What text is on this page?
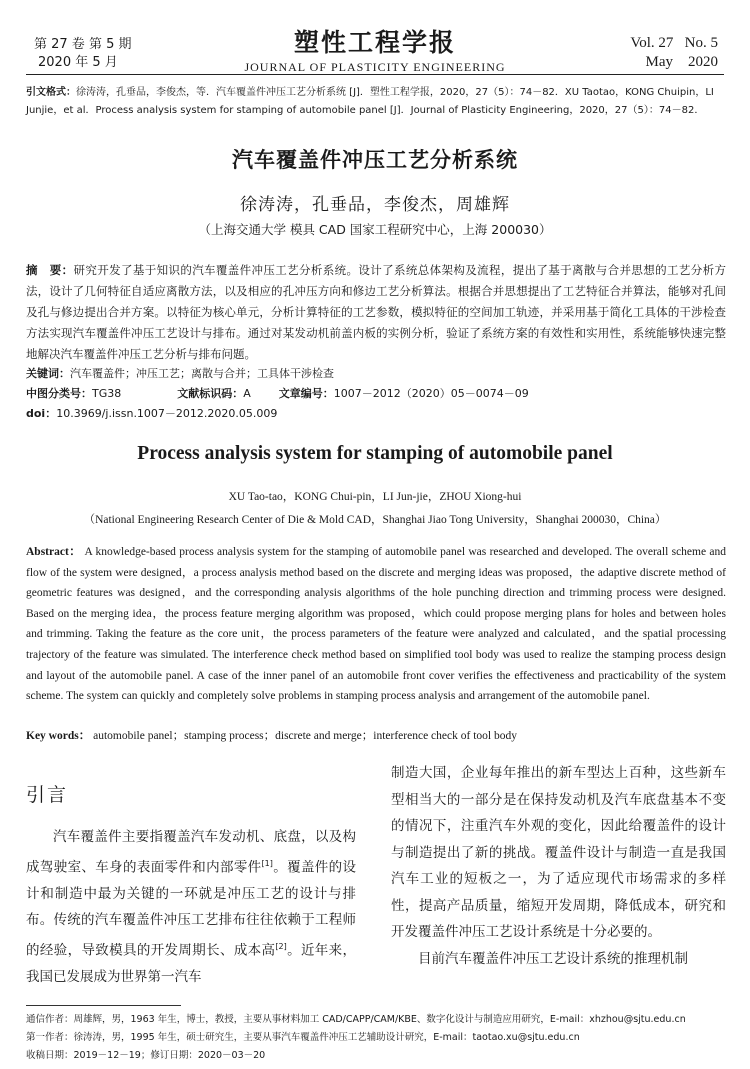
第 27 卷 第 5 期
2020 年 5 月
塑性工程学报
JOURNAL OF PLASTICITY ENGINEERING
Vol. 27 No. 5
May 2020
引文格式：徐涛涛，孔垂品，李俊杰，等．汽车覆盖件冲压工艺分析系统 [J]．塑性工程学报，2020，27（5）：74－82．XU Taotao，KONG Chuipin，LI Junjie，et al．Process analysis system for stamping of automobile panel [J]．Journal of Plasticity Engineering，2020，27（5）：74－82．
汽车覆盖件冲压工艺分析系统
徐涛涛，孔垂品，李俊杰，周雄辉
（上海交通大学 模具 CAD 国家工程研究中心，上海 200030）
摘　要：研究开发了基于知识的汽车覆盖件冲压工艺分析系统。设计了系统总体架构及流程，提出了基于离散与合并思想的工艺分析方法，设计了几何特征自适应离散方法，以及相应的孔冲压方向和修边工艺分析算法。根据合并思想提出了工艺特征合并算法，能够对孔间及孔与修边提出合并方案。以特征为核心单元，分析计算特征的工艺参数，模拟特征的空间加工轨迹，并采用基于简化工具体的干涉检查方法实现汽车覆盖件冲压工艺设计与排布。通过对某发动机前盖内板的实例分析，验证了系统方案的有效性和实用性，系统能够快速完整地解决汽车覆盖件冲压工艺分析与排布问题。
关键词：汽车覆盖件；冲压工艺；离散与合并；工具体干涉检查
中图分类号：TG38	文献标识码：A	文章编号：1007－2012（2020）05－0074－09
doi：10.3969/j.issn.1007－2012.2020.05.009
Process analysis system for stamping of automobile panel
XU Tao-tao，KONG Chui-pin，LI Jun-jie，ZHOU Xiong-hui
（National Engineering Research Center of Die & Mold CAD，Shanghai Jiao Tong University，Shanghai 200030，China）
Abstract： A knowledge-based process analysis system for the stamping of automobile panel was researched and developed. The overall scheme and flow of the system were designed，a process analysis method based on the discrete and merging ideas was proposed，the adaptive discrete method of geometric features was designed，and the corresponding analysis algorithms of the hole punching direction and trimming process were designed. Based on the merging idea，the process feature merging algorithm was proposed，which could propose merging plans for holes and between holes and trimming. Taking the feature as the core unit，the process parameters of the feature were analyzed and calculated，and the spatial processing trajectory of the feature was simulated. The interference check method based on simplified tool body was used to realize the stamping process design and layout of the automobile panel. A case of the inner panel of an automobile front cover verifies the effectiveness and practicability of the system scheme. The system can quickly and completely solve problems in stamping process analysis and arrangement of the automobile panel.
Key words： automobile panel；stamping process；discrete and merge；interference check of tool body
引言

汽车覆盖件主要指覆盖汽车发动机、底盘，以及构成驾驶室、车身的表面零件和内部零件[1]。覆盖件的设计和制造中最为关键的一环就是冲压工艺的设计与排布。传统的汽车覆盖件冲压工艺排布往往依赖于工程师的经验，导致模具的开发周期长、成本高[2]。近年来，我国已发展成为世界第一汽车

制造大国，企业每年推出的新车型达上百种，这些新车型相当大的一部分是在保持发动机及汽车底盘基本不变的情况下，注重汽车外观的变化，因此给覆盖件的设计与制造提出了新的挑战。覆盖件设计与制造一直是我国汽车工业的短板之一，为了适应现代市场需求的多样性，提高产品质量，缩短开发周期，降低成本，研究和开发覆盖件冲压工艺设计系统是十分必要的。

目前汽车覆盖件冲压工艺设计系统的推理机制

通信作者：周雄辉，男，1963 年生，博士，教授，主要从事材料加工 CAD/CAPP/CAM/KBE、数字化设计与制造应用研究，E-mail：xhzhou@sjtu.edu.cn
第一作者：徐涛涛，男，1995 年生，硕士研究生，主要从事汽车覆盖件冲压工艺辅助设计研究，E-mail：taotao.xu@sjtu.edu.cn
收稿日期：2019－12－19；修订日期：2020－03－20
